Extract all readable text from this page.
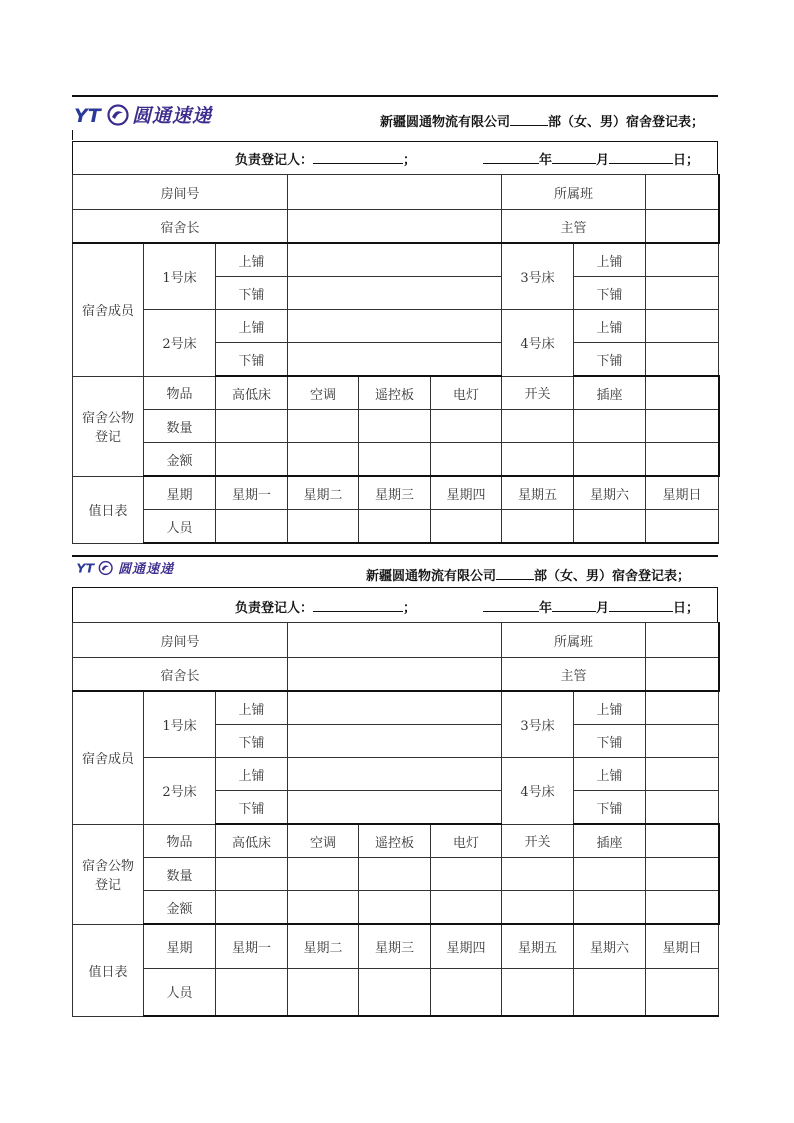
YT 圆通速递	新疆圆通物流有限公司	部（女、男）宿舍登记表；
负责登记人：	；	年	月	日；
房间号						所属班		
宿舍长						主管		
宿舍成员	1号床	上铺				3号床	上铺	
		下铺					下铺	
	2号床	上铺				4号床	上铺	
		下铺					下铺	
宿舍公物
登记	物品	高低床	空调	遥控板	电灯	开关	插座	
	数量							
	金额							
值日表	星期	星期一	星期二	星期三	星期四	星期五	星期六	星期日
	人员							
YT 圆通速递	新疆圆通物流有限公司	部（女、男）宿舍登记表；
负责登记人：	；	年	月	日；
房间号						所属班		
宿舍长						主管		
宿舍成员	1号床	上铺				3号床	上铺	
		下铺					下铺	
	2号床	上铺				4号床	上铺	
		下铺					下铺	
宿舍公物
登记	物品	高低床	空调	遥控板	电灯	开关	插座	
	数量							
	金额							
值日表	星期	星期一	星期二	星期三	星期四	星期五	星期六	星期日
	人员							
